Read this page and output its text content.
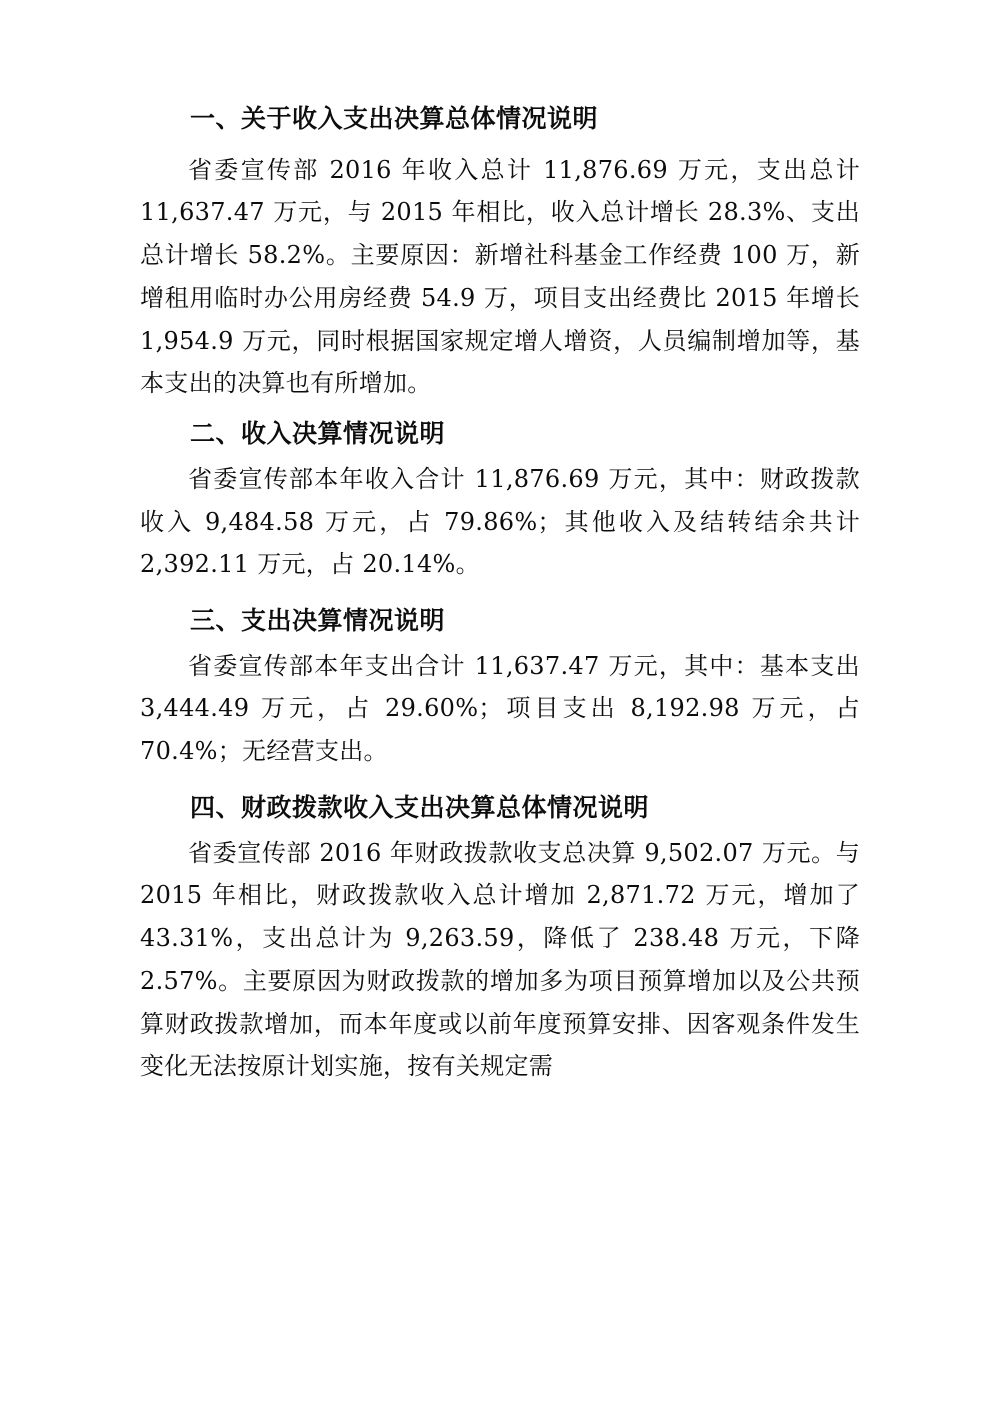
一、关于收入支出决算总体情况说明

省委宣传部 2016 年收入总计 11,876.69 万元，支出总计 11,637.47 万元，与 2015 年相比，收入总计增长 28.3%、支出总计增长 58.2%。主要原因：新增社科基金工作经费 100 万，新增租用临时办公用房经费 54.9 万，项目支出经费比 2015 年增长 1,954.9 万元，同时根据国家规定增人增资，人员编制增加等，基本支出的决算也有所增加。

二、收入决算情况说明

省委宣传部本年收入合计 11,876.69 万元，其中：财政拨款收入 9,484.58 万元，占 79.86%；其他收入及结转结余共计 2,392.11 万元，占 20.14%。

三、支出决算情况说明

省委宣传部本年支出合计 11,637.47 万元，其中：基本支出 3,444.49 万元，占 29.60%；项目支出 8,192.98 万元，占 70.4%；无经营支出。

四、财政拨款收入支出决算总体情况说明

省委宣传部 2016 年财政拨款收支总决算 9,502.07 万元。与 2015 年相比，财政拨款收入总计增加 2,871.72 万元，增加了 43.31%，支出总计为 9,263.59，降低了 238.48 万元，下降 2.57%。主要原因为财政拨款的增加多为项目预算增加以及公共预算财政拨款增加，而本年度或以前年度预算安排、因客观条件发生变化无法按原计划实施，按有关规定需
